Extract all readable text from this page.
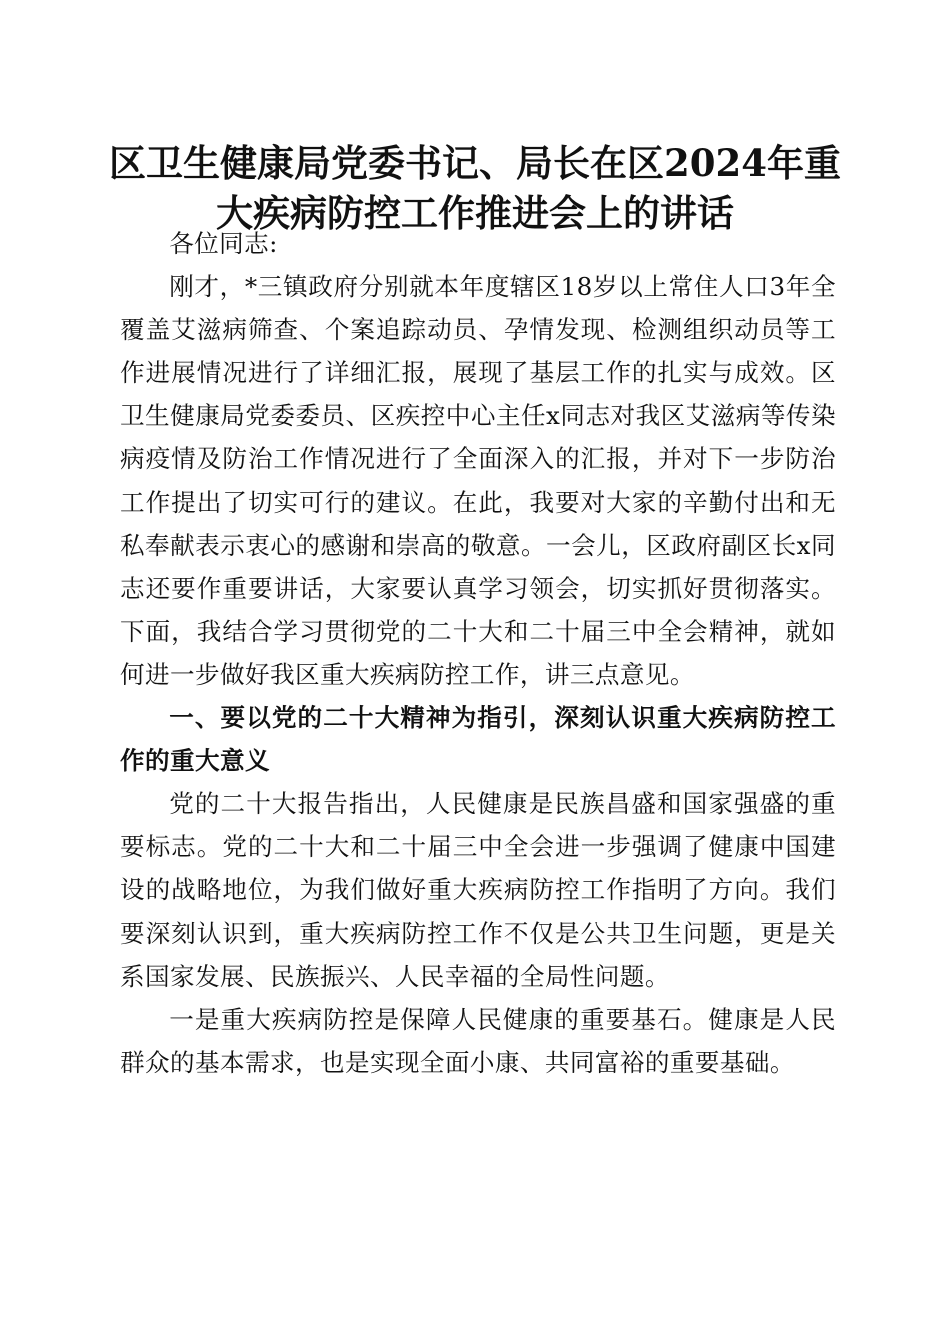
区卫生健康局党委书记、局长在区2024年重大疾病防控工作推进会上的讲话

各位同志:

刚才，*三镇政府分别就本年度辖区18岁以上常住人口3年全覆盖艾滋病筛查、个案追踪动员、孕情发现、检测组织动员等工作进展情况进行了详细汇报，展现了基层工作的扎实与成效。区卫生健康局党委委员、区疾控中心主任x同志对我区艾滋病等传染病疫情及防治工作情况进行了全面深入的汇报，并对下一步防治工作提出了切实可行的建议。在此，我要对大家的辛勤付出和无私奉献表示衷心的感谢和崇高的敬意。一会儿，区政府副区长x同志还要作重要讲话，大家要认真学习领会，切实抓好贯彻落实。下面，我结合学习贯彻党的二十大和二十届三中全会精神，就如何进一步做好我区重大疾病防控工作，讲三点意见。

一、要以党的二十大精神为指引，深刻认识重大疾病防控工作的重大意义

党的二十大报告指出，人民健康是民族昌盛和国家强盛的重要标志。党的二十大和二十届三中全会进一步强调了健康中国建设的战略地位，为我们做好重大疾病防控工作指明了方向。我们要深刻认识到，重大疾病防控工作不仅是公共卫生问题，更是关系国家发展、民族振兴、人民幸福的全局性问题。

一是重大疾病防控是保障人民健康的重要基石。健康是人民群众的基本需求，也是实现全面小康、共同富裕的重要基础。
